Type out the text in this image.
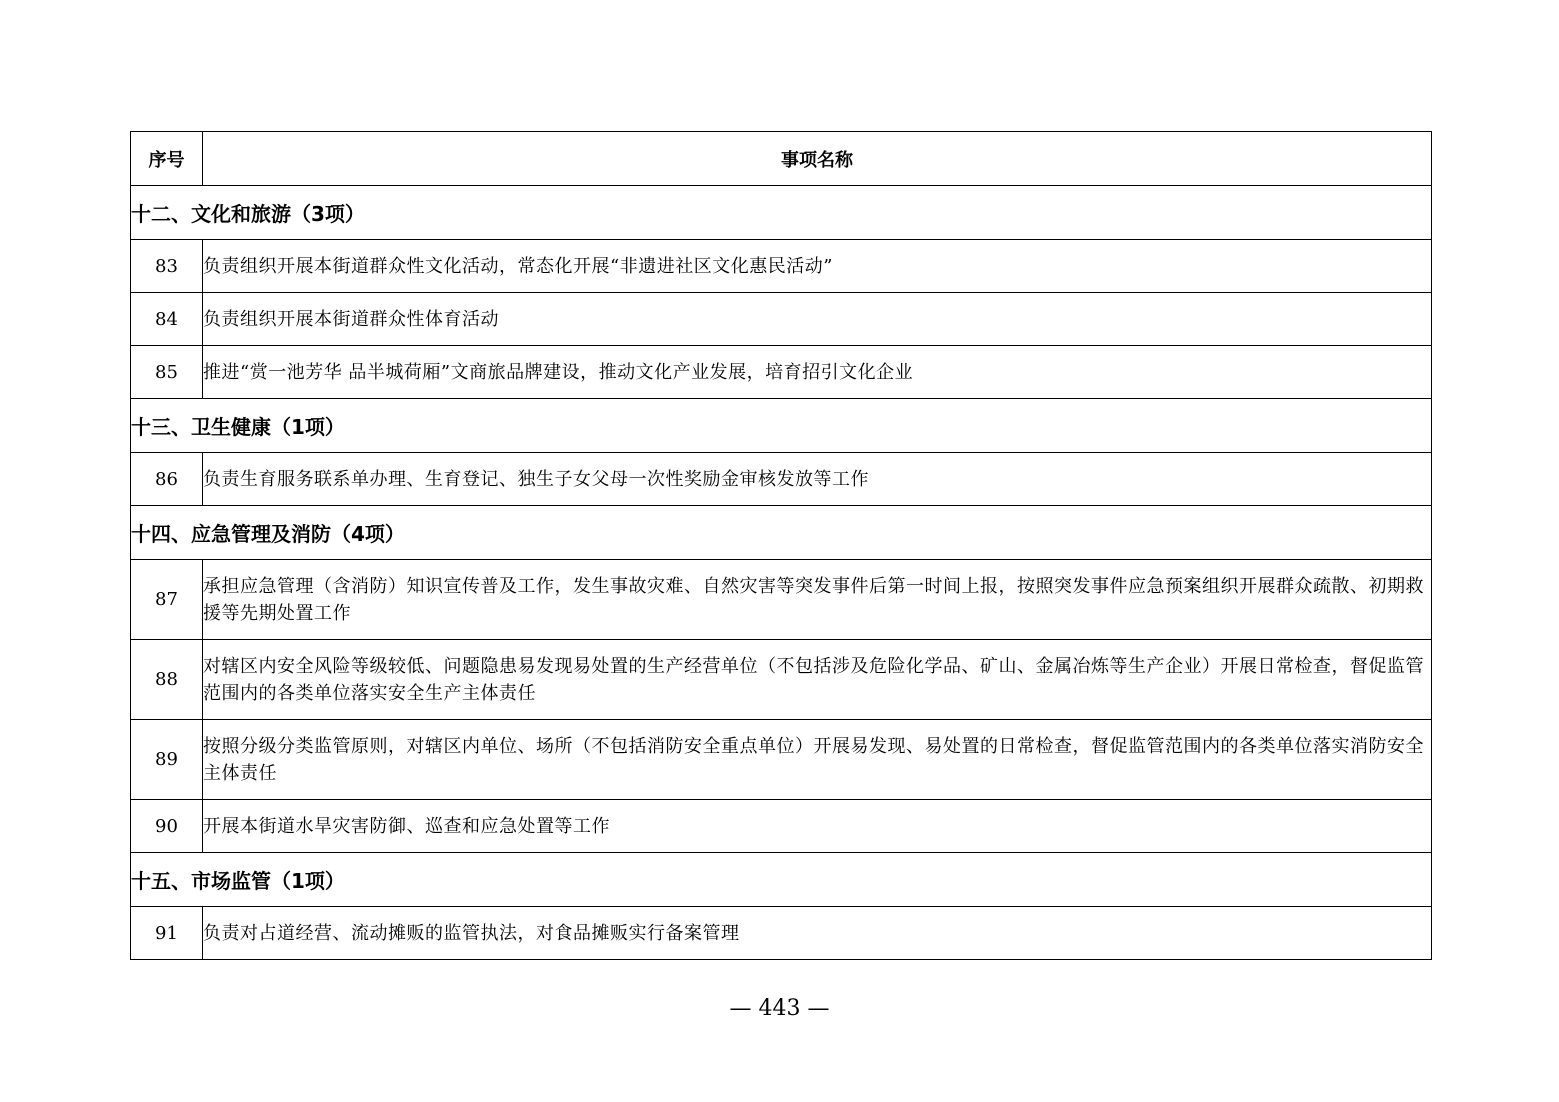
序号	事项名称
十二、文化和旅游（3项）	
83	负责组织开展本街道群众性文化活动，常态化开展“非遗进社区文化惠民活动”
84	负责组织开展本街道群众性体育活动
85	推进“赏一池芳华 品半城荷厢”文商旅品牌建设，推动文化产业发展，培育招引文化企业
十三、卫生健康（1项）	
86	负责生育服务联系单办理、生育登记、独生子女父母一次性奖励金审核发放等工作
十四、应急管理及消防（4项）	
87	承担应急管理（含消防）知识宣传普及工作，发生事故灾难、自然灾害等突发事件后第一时间上报，按照突发事件应急预案组织开展群众疏散、初期救援等先期处置工作
88	对辖区内安全风险等级较低、问题隐患易发现易处置的生产经营单位（不包括涉及危险化学品、矿山、金属冶炼等生产企业）开展日常检查，督促监管范围内的各类单位落实安全生产主体责任
89	按照分级分类监管原则，对辖区内单位、场所（不包括消防安全重点单位）开展易发现、易处置的日常检查，督促监管范围内的各类单位落实消防安全主体责任
90	开展本街道水旱灾害防御、巡查和应急处置等工作
十五、市场监管（1项）	
91	负责对占道经营、流动摊贩的监管执法，对食品摊贩实行备案管理
— 443 —
